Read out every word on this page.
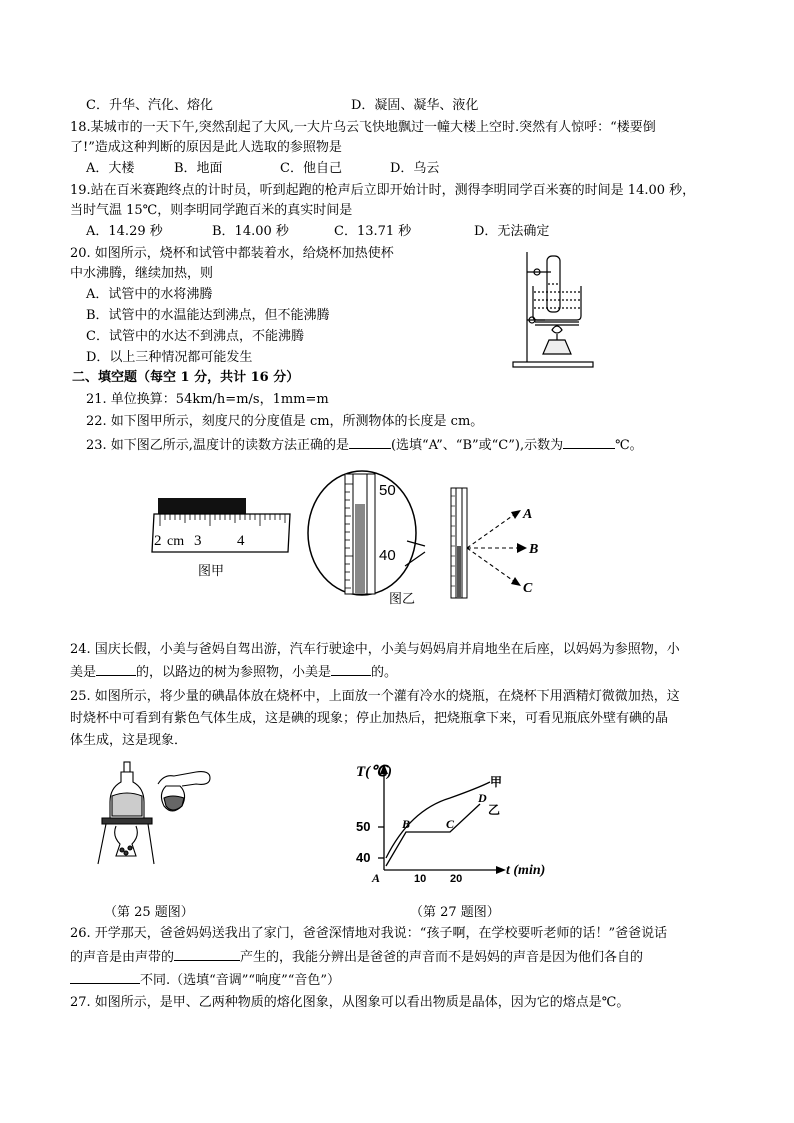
C．升华、汽化、熔化	D．凝固、凝华、液化
18.某城市的一天下午,突然刮起了大风,一大片乌云飞快地飘过一幢大楼上空时.突然有人惊呼：“楼要倒
了!”造成这种判断的原因是此人选取的参照物是
A．大楼	B．地面	C．他自己	D．乌云
19.站在百米赛跑终点的计时员，听到起跑的枪声后立即开始计时，测得李明同学百米赛的时间是 14.00 秒，
当时气温 15℃，则李明同学跑百米的真实时间是
A．14.29 秒	B．14.00 秒	C．13.71 秒	D．无法确定
20. 如图所示，烧杯和试管中都装着水，给烧杯加热使杯
中水沸腾，继续加热，则
A．试管中的水将沸腾
B．试管中的水温能达到沸点，但不能沸腾
C．试管中的水达不到沸点，不能沸腾
D．以上三种情况都可能发生
二、填空题（每空 1 分，共计 16 分）
21. 单位换算：54km/h=m/s，1mm=m
22. 如下图甲所示，刻度尺的分度值是 cm，所测物体的长度是 cm。
23. 如下图乙所示,温度计的读数方法正确的是	(选填“A”、“B”或“C”),示数为	℃。
2 cm 3 4
图甲
50
40
A
B
C
图乙
24. 国庆长假，小美与爸妈自驾出游，汽车行驶途中，小美与妈妈肩并肩地坐在后座，以妈妈为参照物，小
美是	的，以路边的树为参照物，小美是	的。
25. 如图所示，将少量的碘晶体放在烧杯中，上面放一个灌有冷水的烧瓶，在烧杯下用酒精灯微微加热，这
时烧杯中可看到有紫色气体生成，这是碘的现象；停止加热后，把烧瓶拿下来，可看见瓶底外壁有碘的晶
体生成，这是现象．
T(℃)
t (min)
50
40
10 20
A
B	C
D
甲
乙
（第 25 题图）	（第 27 题图）
26. 开学那天，爸爸妈妈送我出了家门，爸爸深情地对我说：“孩子啊，在学校要听老师的话！”爸爸说话
的声音是由声带的	产生的，我能分辨出是爸爸的声音而不是妈妈的声音是因为他们各自的
不同.（选填“音调”“响度”“音色”）
27. 如图所示，是甲、乙两种物质的熔化图象，从图象可以看出物质是晶体，因为它的熔点是℃。
